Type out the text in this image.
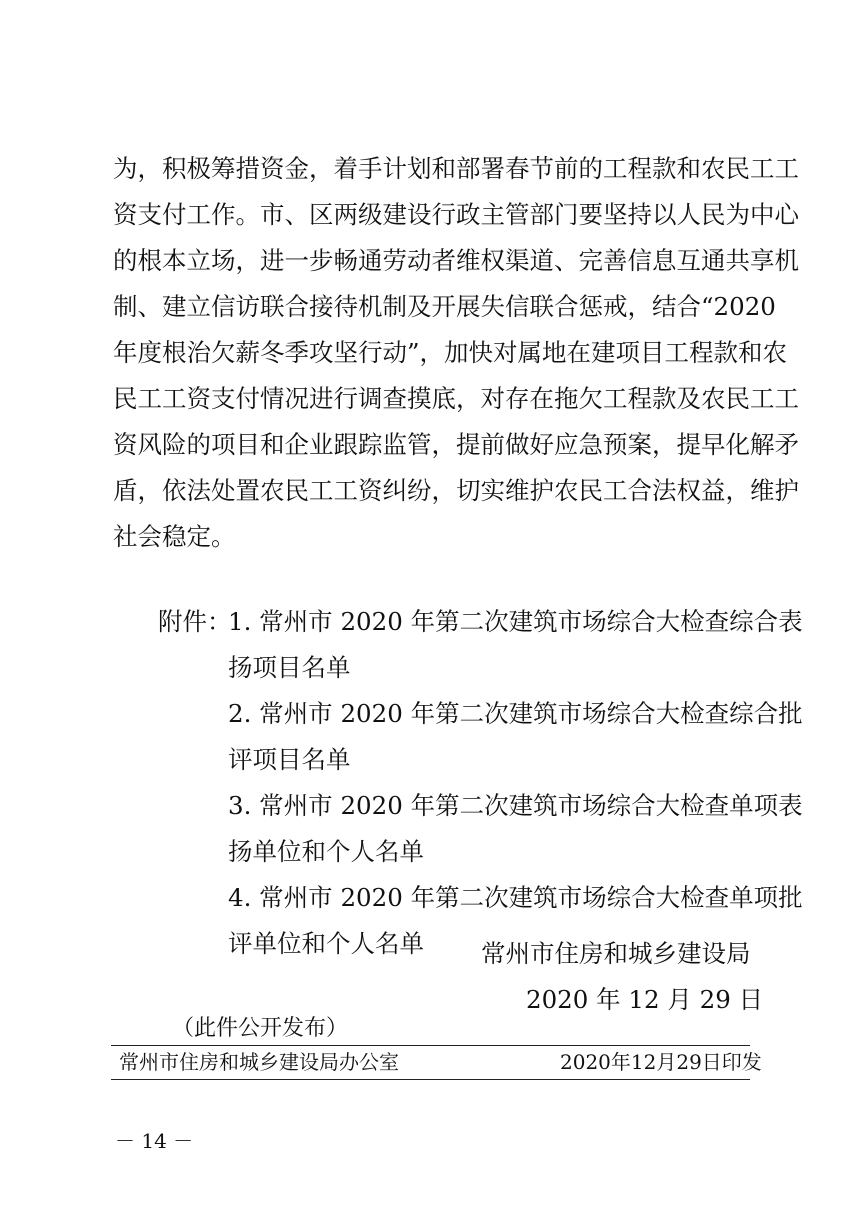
为，积极筹措资金，着手计划和部署春节前的工程款和农民工工
资支付工作。市、区两级建设行政主管部门要坚持以人民为中心
的根本立场，进一步畅通劳动者维权渠道、完善信息互通共享机
制、建立信访联合接待机制及开展失信联合惩戒，结合“2020
年度根治欠薪冬季攻坚行动”，加快对属地在建项目工程款和农
民工工资支付情况进行调查摸底，对存在拖欠工程款及农民工工
资风险的项目和企业跟踪监管，提前做好应急预案，提早化解矛
盾，依法处置农民工工资纠纷，切实维护农民工合法权益，维护
社会稳定。
附件：
1. 常州市 2020 年第二次建筑市场综合大检查综合表
扬项目名单
2. 常州市 2020 年第二次建筑市场综合大检查综合批
评项目名单
3. 常州市 2020 年第二次建筑市场综合大检查单项表
扬单位和个人名单
4. 常州市 2020 年第二次建筑市场综合大检查单项批
评单位和个人名单 常州市住房和城乡建设局
2020 年 12 月 29 日
（此件公开发布）
常州市住房和城乡建设局办公室	2020年12月29日印发
－ 14 －
